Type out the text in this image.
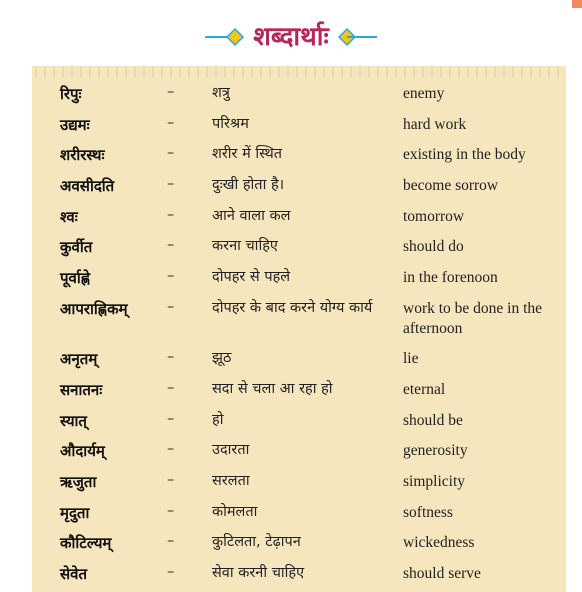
शब्दार्थाः
रिपुः	–	शत्रु	enemy
उद्यमः	–	परिश्रम	hard work
शरीरस्थः	–	शरीर में स्थित	existing in the body
अवसीदति	–	दुःखी होता है।	become sorrow
श्वः	–	आने वाला कल	tomorrow
कुर्वीत	–	करना चाहिए	should do
पूर्वाह्णे	–	दोपहर से पहले	in the forenoon
आपराह्णिकम्	–	दोपहर के बाद करने योग्य कार्य	work to be done in the afternoon
अनृतम्	–	झूठ	lie
सनातनः	–	सदा से चला आ रहा हो	eternal
स्यात्	–	हो	should be
औदार्यम्	–	उदारता	generosity
ऋजुता	–	सरलता	simplicity
मृदुता	–	कोमलता	softness
कौटिल्यम्	–	कुटिलता, टेढ़ापन	wickedness
सेवेत	–	सेवा करनी चाहिए	should serve
